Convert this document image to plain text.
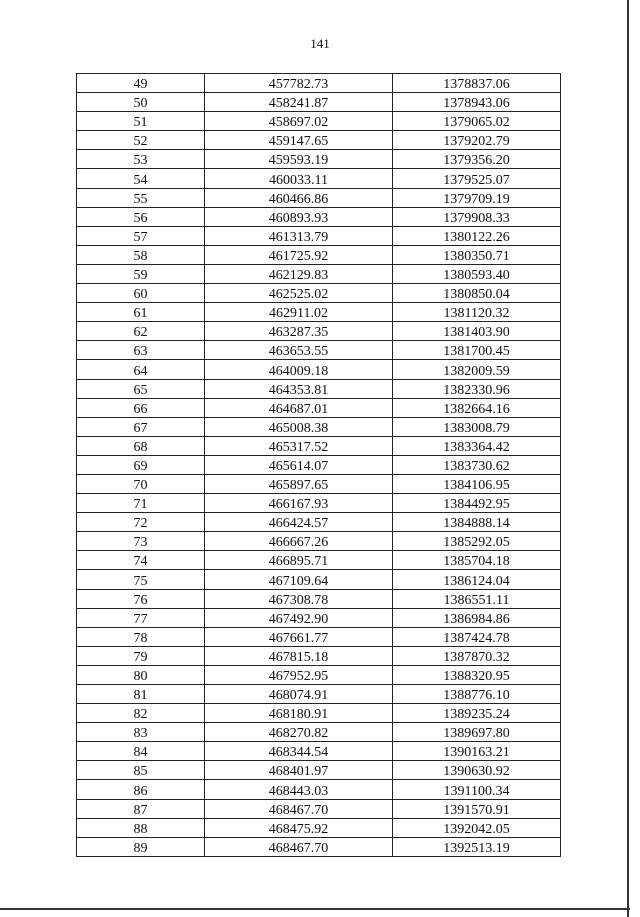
141
49	457782.73	1378837.06
50	458241.87	1378943.06
51	458697.02	1379065.02
52	459147.65	1379202.79
53	459593.19	1379356.20
54	460033.11	1379525.07
55	460466.86	1379709.19
56	460893.93	1379908.33
57	461313.79	1380122.26
58	461725.92	1380350.71
59	462129.83	1380593.40
60	462525.02	1380850.04
61	462911.02	1381120.32
62	463287.35	1381403.90
63	463653.55	1381700.45
64	464009.18	1382009.59
65	464353.81	1382330.96
66	464687.01	1382664.16
67	465008.38	1383008.79
68	465317.52	1383364.42
69	465614.07	1383730.62
70	465897.65	1384106.95
71	466167.93	1384492.95
72	466424.57	1384888.14
73	466667.26	1385292.05
74	466895.71	1385704.18
75	467109.64	1386124.04
76	467308.78	1386551.11
77	467492.90	1386984.86
78	467661.77	1387424.78
79	467815.18	1387870.32
80	467952.95	1388320.95
81	468074.91	1388776.10
82	468180.91	1389235.24
83	468270.82	1389697.80
84	468344.54	1390163.21
85	468401.97	1390630.92
86	468443.03	1391100.34
87	468467.70	1391570.91
88	468475.92	1392042.05
89	468467.70	1392513.19
